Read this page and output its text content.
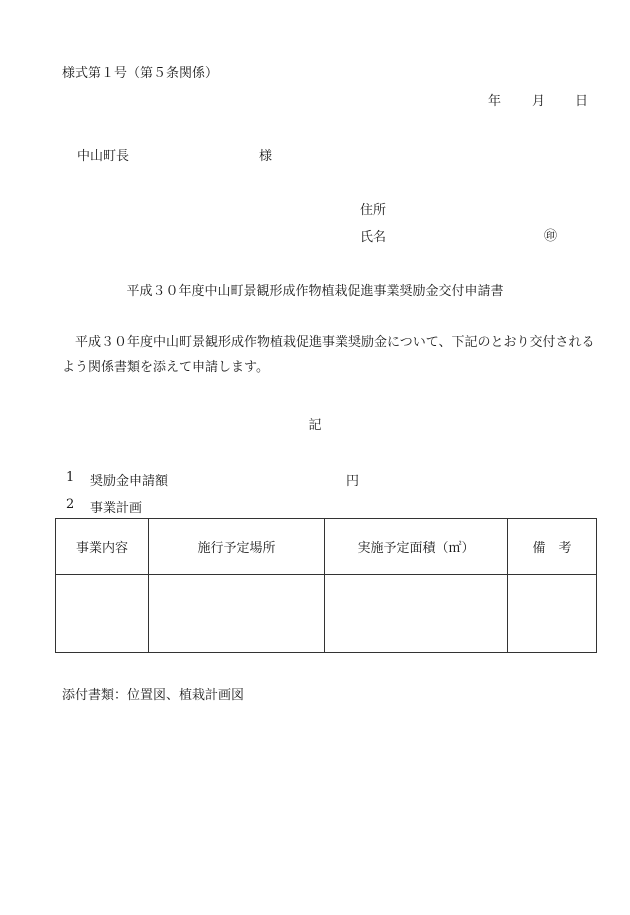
様式第１号（第５条関係）
年 月 日
中山町長	様
住所
氏名	㊞
平成３０年度中山町景観形成作物植栽促進事業奨励金交付申請書
平成３０年度中山町景観形成作物植栽促進事業奨励金について、下記のとおり交付されるよう関係書類を添えて申請します。
記
1 奨励金申請額	円
2 事業計画
事業内容	施行予定場所	実施予定面積（㎡）	備　考

添付書類：位置図、植栽計画図
